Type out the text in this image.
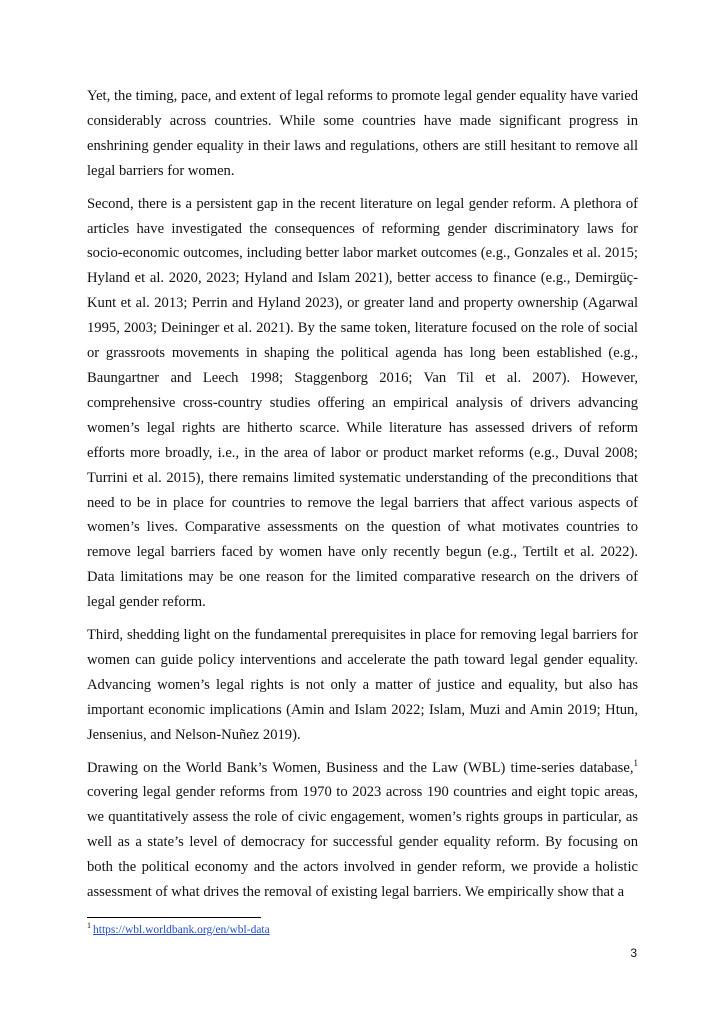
Yet, the timing, pace, and extent of legal reforms to promote legal gender equality have varied considerably across countries. While some countries have made significant progress in enshrining gender equality in their laws and regulations, others are still hesitant to remove all legal barriers for women.

Second, there is a persistent gap in the recent literature on legal gender reform. A plethora of articles have investigated the consequences of reforming gender discriminatory laws for socio-economic outcomes, including better labor market outcomes (e.g., Gonzales et al. 2015; Hyland et al. 2020, 2023; Hyland and Islam 2021), better access to finance (e.g., Demirgüç-Kunt et al. 2013; Perrin and Hyland 2023), or greater land and property ownership (Agarwal 1995, 2003; Deininger et al. 2021). By the same token, literature focused on the role of social or grassroots movements in shaping the political agenda has long been established (e.g., Baungartner and Leech 1998; Staggenborg 2016; Van Til et al. 2007). However, comprehensive cross-country studies offering an empirical analysis of drivers advancing women’s legal rights are hitherto scarce. While literature has assessed drivers of reform efforts more broadly, i.e., in the area of labor or product market reforms (e.g., Duval 2008; Turrini et al. 2015), there remains limited systematic understanding of the preconditions that need to be in place for countries to remove the legal barriers that affect various aspects of women’s lives. Comparative assessments on the question of what motivates countries to remove legal barriers faced by women have only recently begun (e.g., Tertilt et al. 2022). Data limitations may be one reason for the limited comparative research on the drivers of legal gender reform.

Third, shedding light on the fundamental prerequisites in place for removing legal barriers for women can guide policy interventions and accelerate the path toward legal gender equality. Advancing women’s legal rights is not only a matter of justice and equality, but also has important economic implications (Amin and Islam 2022; Islam, Muzi and Amin 2019; Htun, Jensenius, and Nelson-Nuñez 2019).

Drawing on the World Bank’s Women, Business and the Law (WBL) time-series database,$^1$ covering legal gender reforms from 1970 to 2023 across 190 countries and eight topic areas, we quantitatively assess the role of civic engagement, women’s rights groups in particular, as well as a state’s level of democracy for successful gender equality reform. By focusing on both the political economy and the actors involved in gender reform, we provide a holistic assessment of what drives the removal of existing legal barriers. We empirically show that a

$^1$ https://wbl.worldbank.org/en/wbl-data
3
